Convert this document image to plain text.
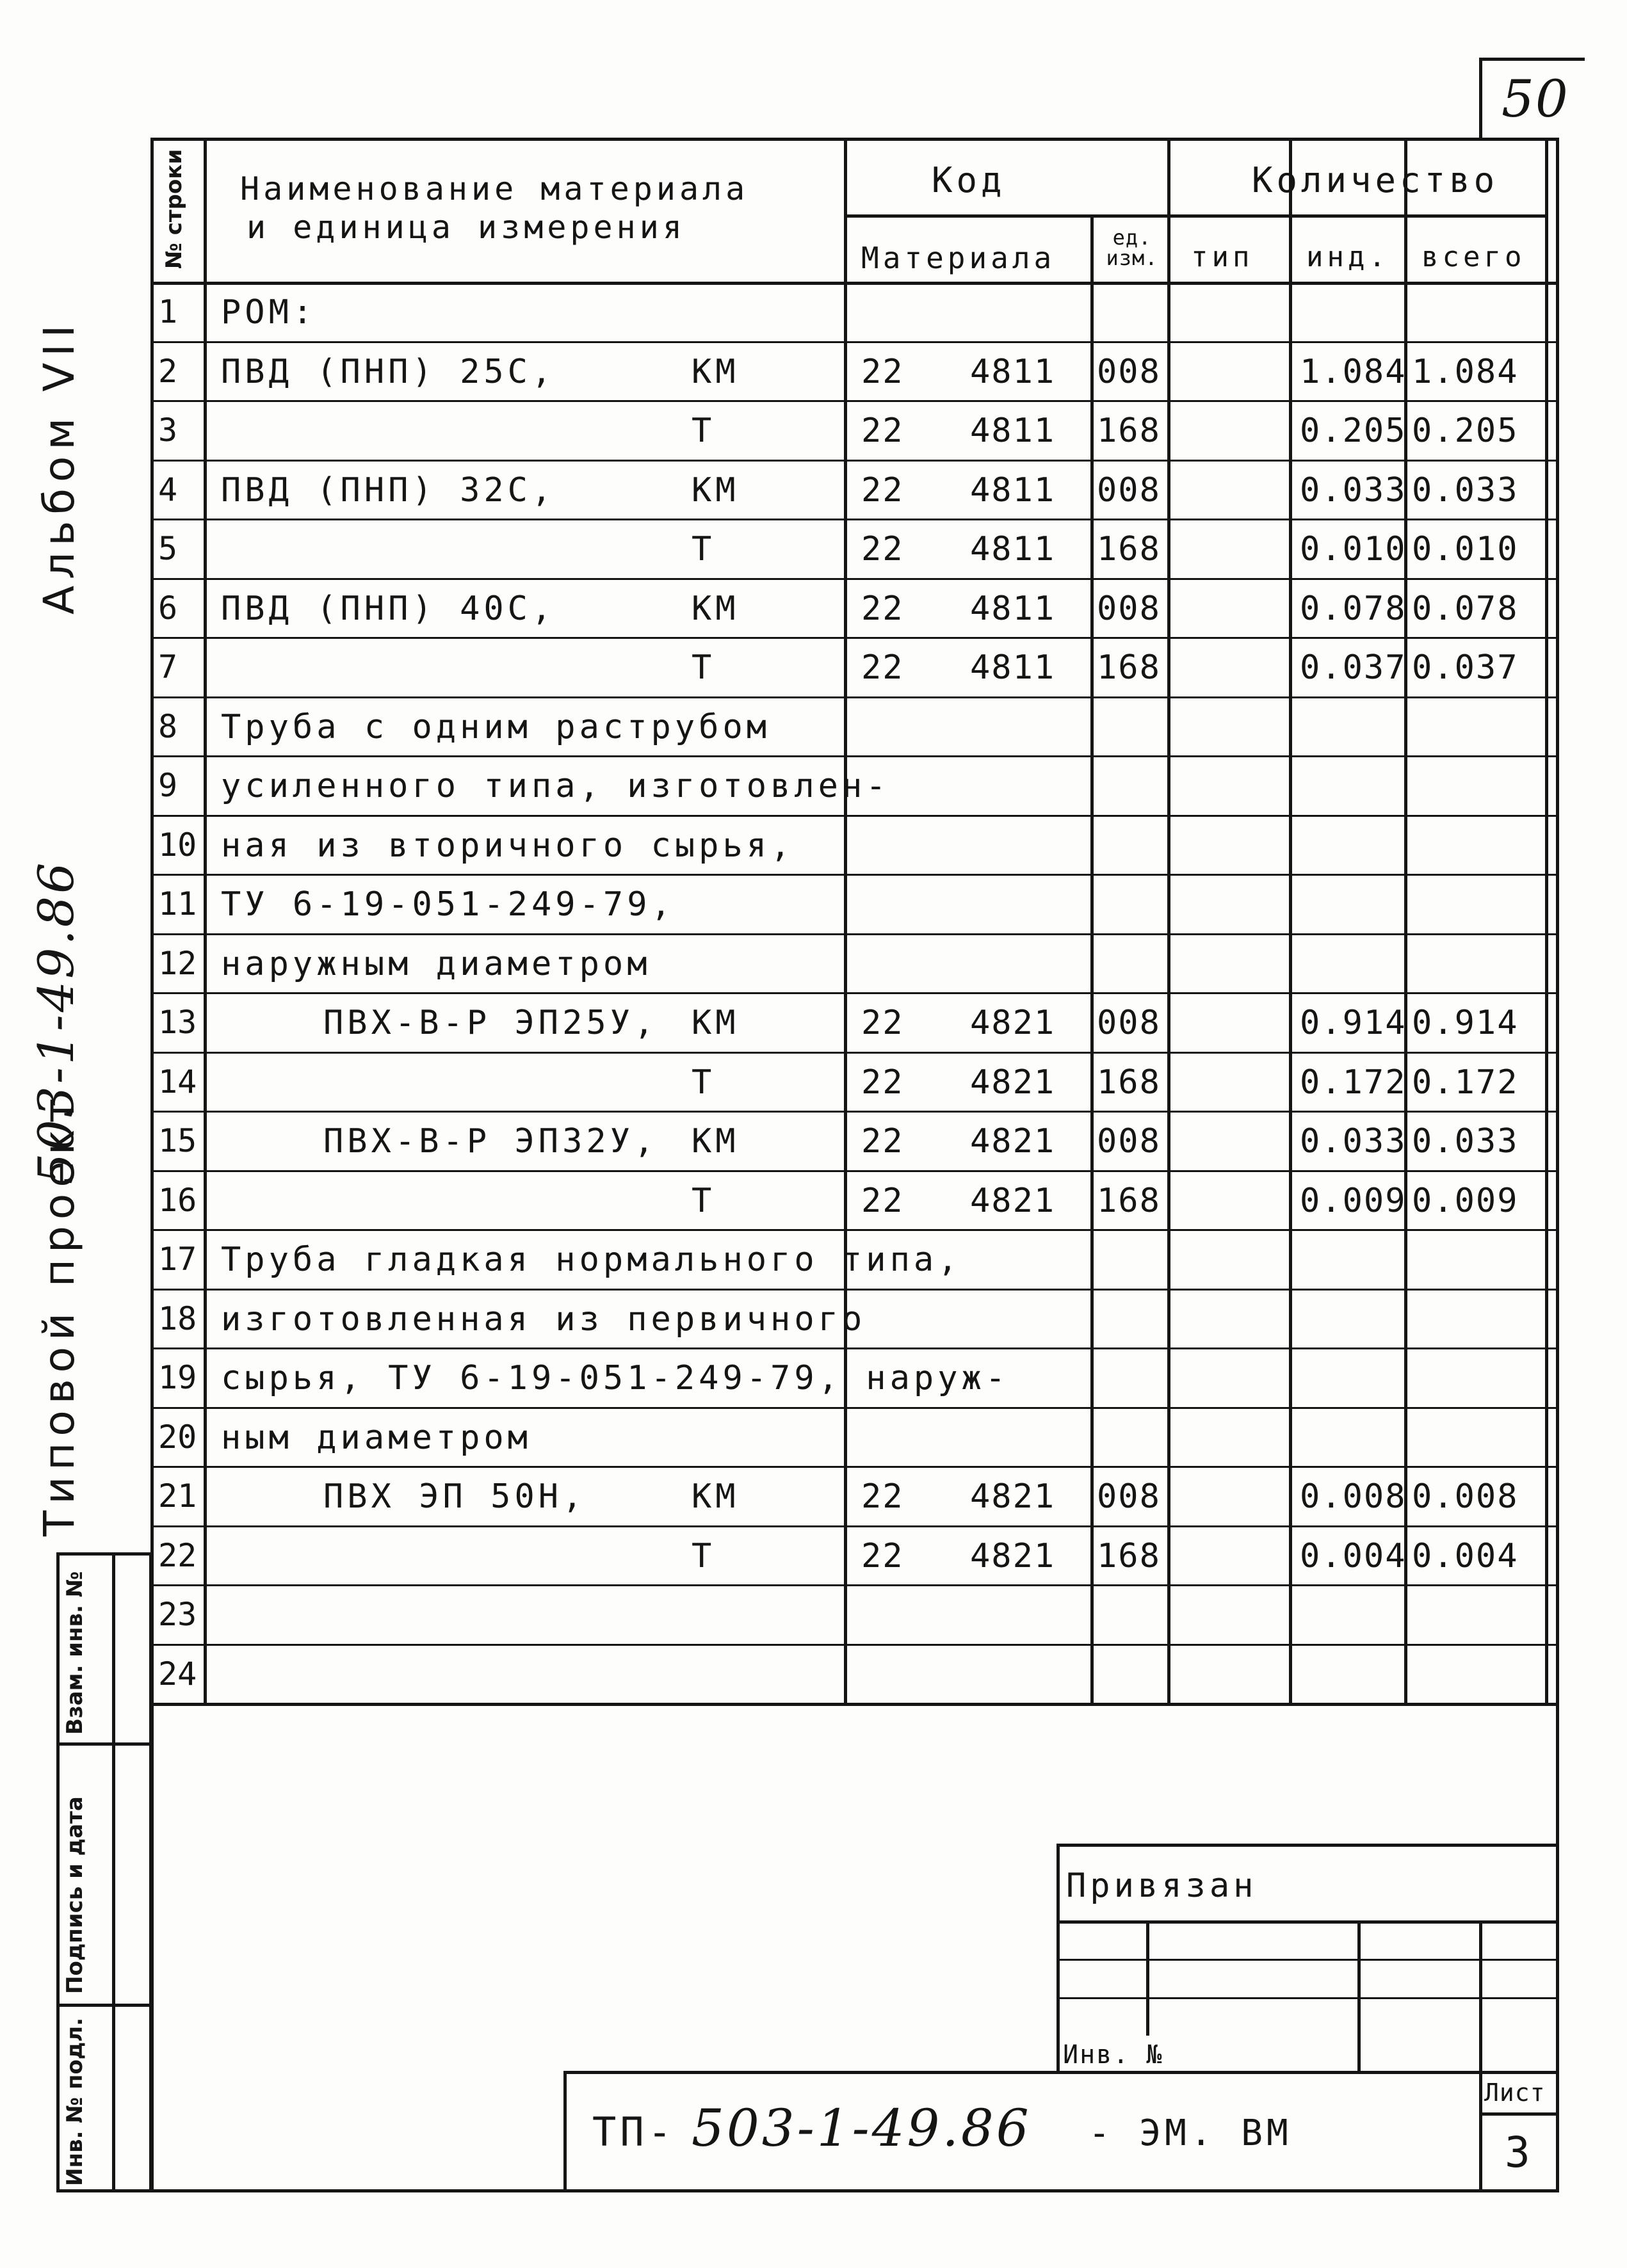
50
Альбом VII
Типовой проект
503-1-49.86
Инв. № подл.
Подпись и дата
Взам. инв. №
№ строки Наименование материала
и единица измерения
Код
Материала
ед. изм.
Количество
тип инд. всего
1 РОМ:
2 ПВД (ПНП) 25С,	КМ	22 4811 008	1.084 1.084
3	Т	22 4811 168	0.205 0.205
4 ПВД (ПНП) 32С,	КМ	22 4811 008	0.033 0.033
5	Т	22 4811 168	0.010 0.010
6 ПВД (ПНП) 40С,	КМ	22 4811 008	0.078 0.078
7	Т	22 4811 168	0.037 0.037
8 Труба с одним раструбом
9 усиленного типа, изготовлен-
10 ная из вторичного сырья,
11 ТУ 6-19-051-249-79,
12 наружным диаметром
13	ПВХ-В-Р ЭП25У, КМ	22 4821 008	0.914 0.914
14	Т	22 4821 168	0.172 0.172
15	ПВХ-В-Р ЭП32У, КМ	22 4821 008	0.033 0.033
16	Т	22 4821 168	0.009 0.009
17 Труба гладкая нормального типа,
18 изготовленная из первичного
19 сырья, ТУ 6-19-051-249-79, наруж-
20 ным диаметром
21	ПВХ ЭП 50Н,	КМ	22 4821 008	0.008 0.008
22	Т	22 4821 168	0.004 0.004
23
24
Привязан
Инв. №
ТП- 503-1-49.86 - ЭМ. ВМ
Лист
3
